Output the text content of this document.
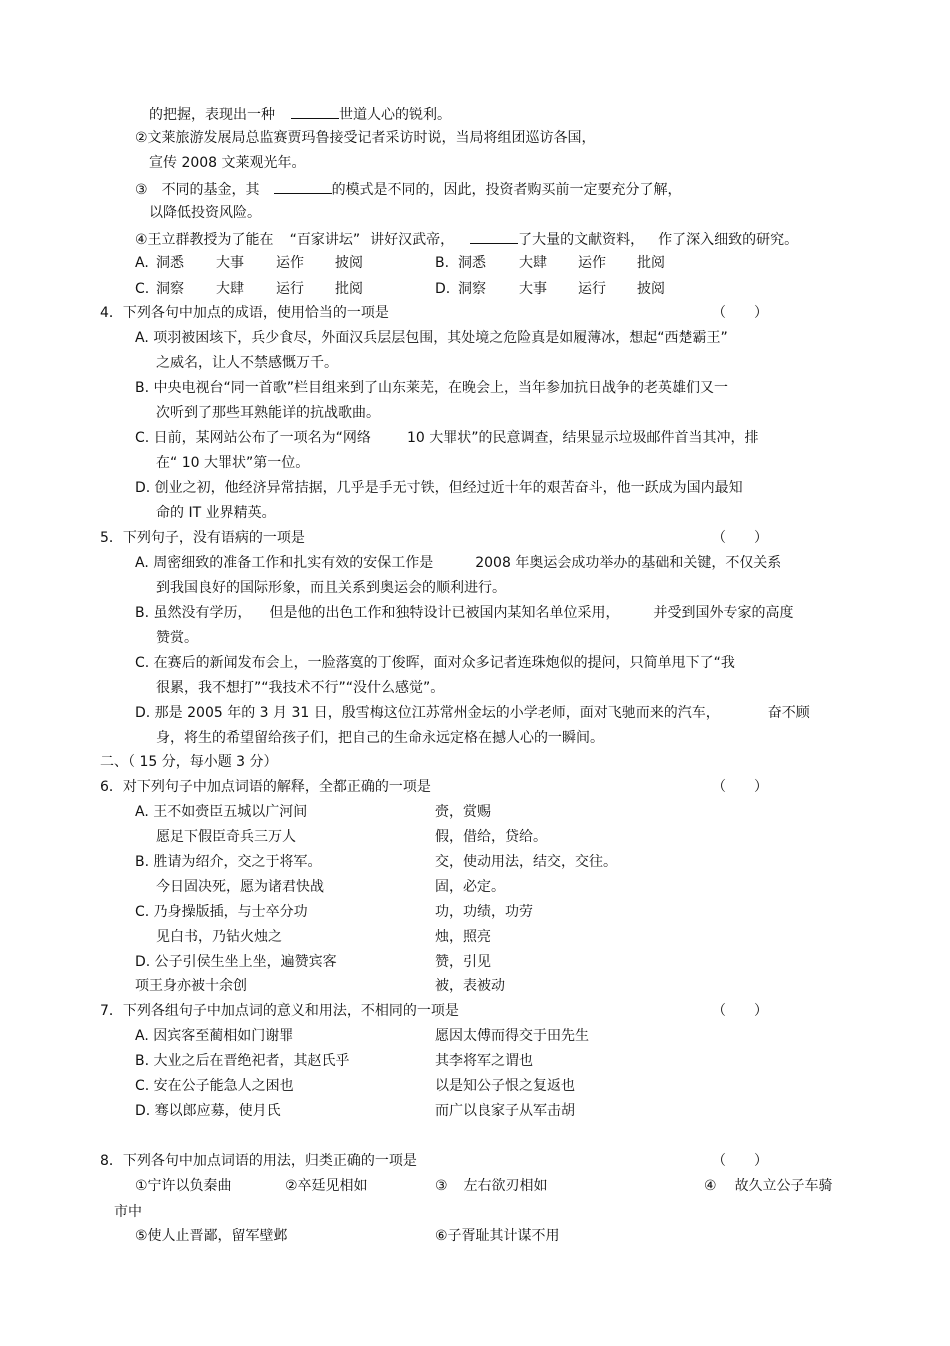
的把握，表现出一种	世道人心的锐利。
②文莱旅游发展局总监赛贾玛鲁接受记者采访时说，当局将组团巡访各国，
宣传 2008 文莱观光年。
③ 不同的基金，其	的模式是不同的，因此，投资者购买前一定要充分了解，
以降低投资风险。
④王立群教授为了能在 “百家讲坛” 讲好汉武帝，	了大量的文献资料， 作了深入细致的研究。
A. 洞悉 大事 运作 披阅	B. 洞悉 大肆 运作 批阅
C. 洞察 大肆 运行 批阅	D. 洞察 大事 运行 披阅
4．下列各句中加点的成语，使用恰当的一项是	（　　）
A. 项羽被困垓下，兵少食尽，外面汉兵层层包围，其处境之危险真是如履薄冰，想起“西楚霸王”
之威名，让人不禁感慨万千。
B. 中央电视台“同一首歌”栏目组来到了山东莱芜，在晚会上，当年参加抗日战争的老英雄们又一
次听到了那些耳熟能详的抗战歌曲。
C. 日前，某网站公布了一项名为“网络	10 大罪状”的民意调查，结果显示垃圾邮件首当其冲，排
在“ 10 大罪状”第一位。
D. 创业之初，他经济异常拮据，几乎是手无寸铁，但经过近十年的艰苦奋斗，他一跃成为国内最知
命的 IT 业界精英。
5．下列句子，没有语病的一项是	（　　）
A. 周密细致的准备工作和扎实有效的安保工作是	2008 年奥运会成功举办的基础和关键，不仅关系
到我国良好的国际形象，而且关系到奥运会的顺利进行。
B. 虽然没有学历， 但是他的出色工作和独特设计已被国内某知名单位采用， 并受到国外专家的高度
赞赏。
C. 在赛后的新闻发布会上，一脸落寞的丁俊晖，面对众多记者连珠炮似的提问，只简单甩下了“我
很累，我不想打”“我技术不行”“没什么感觉”。
D. 那是 2005 年的 3 月 31 日，殷雪梅这位江苏常州金坛的小学老师，面对飞驰而来的汽车，	奋不顾
身，将生的希望留给孩子们，把自己的生命永远定格在撼人心的一瞬间。
二、（ 15 分，每小题 3 分）
6．对下列句子中加点词语的解释，全都正确的一项是	（　　）
A. 王不如赍臣五城以广河间	赍，赏赐
愿足下假臣奇兵三万人	假，借给，贷给。
B. 胜请为绍介，交之于将军。	交，使动用法，结交，交往。
今日固决死，愿为诸君快战	固，必定。
C. 乃身操版插，与士卒分功	功，功绩，功劳
见白书，乃钻火烛之	烛，照亮
D. 公子引侯生坐上坐，遍赞宾客	赞，引见
项王身亦被十余创	被，表被动
7．下列各组句子中加点词的意义和用法，不相同的一项是	（　　）
A. 因宾客至蔺相如门谢罪	愿因太傅而得交于田先生
B. 大业之后在晋绝祀者，其赵氏乎	其李将军之谓也
C. 安在公子能急人之困也	以是知公子恨之复返也
D. 骞以郎应募，使月氏	而广以良家子从军击胡
8．下列各句中加点词语的用法，归类正确的一项是	（　　）
①宁许以负秦曲	②卒廷见相如	③ 左右欲刃相如	④ 故久立公子车骑
市中
⑤使人止晋鄙，留军壁邺	⑥子胥耻其计谋不用
